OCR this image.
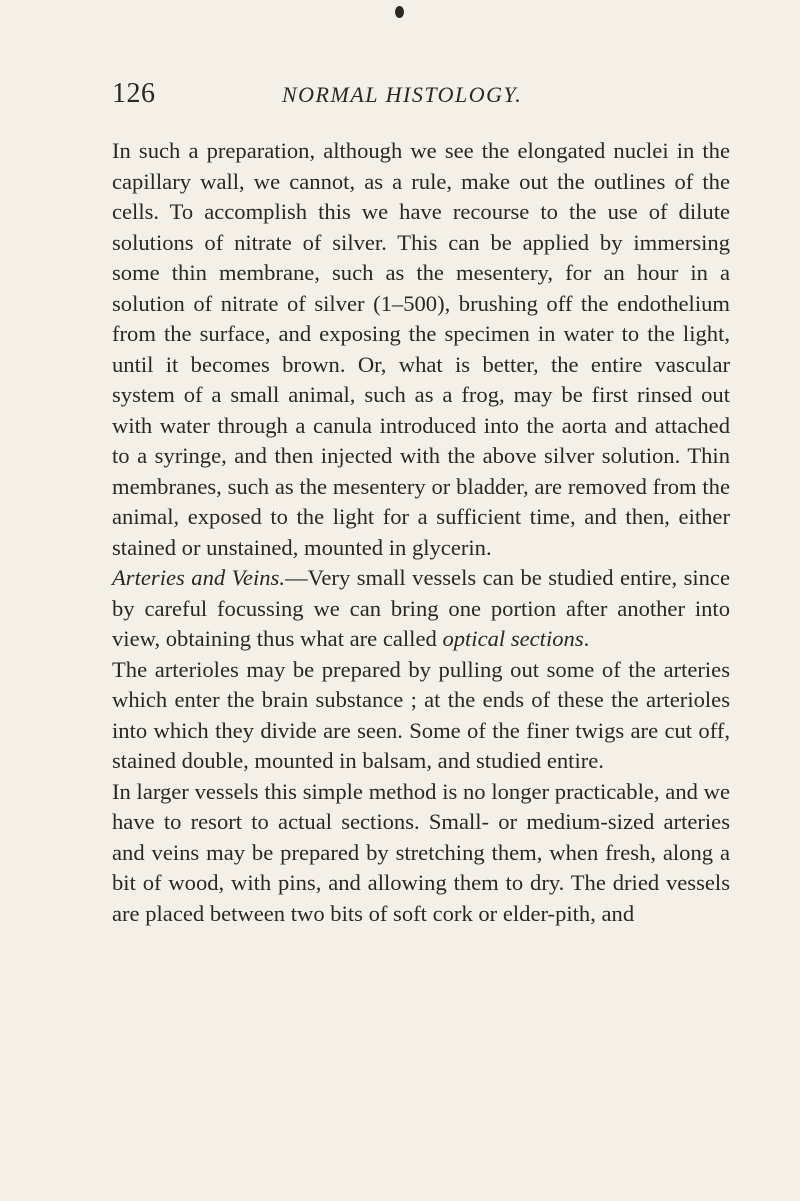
126	NORMAL HISTOLOGY.

In such a preparation, although we see the elongated nuclei in the capillary wall, we cannot, as a rule, make out the outlines of the cells. To accomplish this we have recourse to the use of dilute solutions of nitrate of silver. This can be applied by immersing some thin membrane, such as the mesentery, for an hour in a solution of nitrate of silver (1–500), brushing off the endothelium from the surface, and exposing the specimen in water to the light, until it becomes brown. Or, what is better, the entire vascular system of a small animal, such as a frog, may be first rinsed out with water through a canula introduced into the aorta and attached to a syringe, and then injected with the above silver solution. Thin membranes, such as the mesentery or bladder, are removed from the animal, exposed to the light for a sufficient time, and then, either stained or unstained, mounted in glycerin.

Arteries and Veins.—Very small vessels can be studied entire, since by careful focussing we can bring one portion after another into view, obtaining thus what are called optical sections.

The arterioles may be prepared by pulling out some of the arteries which enter the brain substance ; at the ends of these the arterioles into which they divide are seen. Some of the finer twigs are cut off, stained double, mounted in balsam, and studied entire.

In larger vessels this simple method is no longer practicable, and we have to resort to actual sections. Small- or medium-sized arteries and veins may be prepared by stretching them, when fresh, along a bit of wood, with pins, and allowing them to dry. The dried vessels are placed between two bits of soft cork or elder-pith, and
